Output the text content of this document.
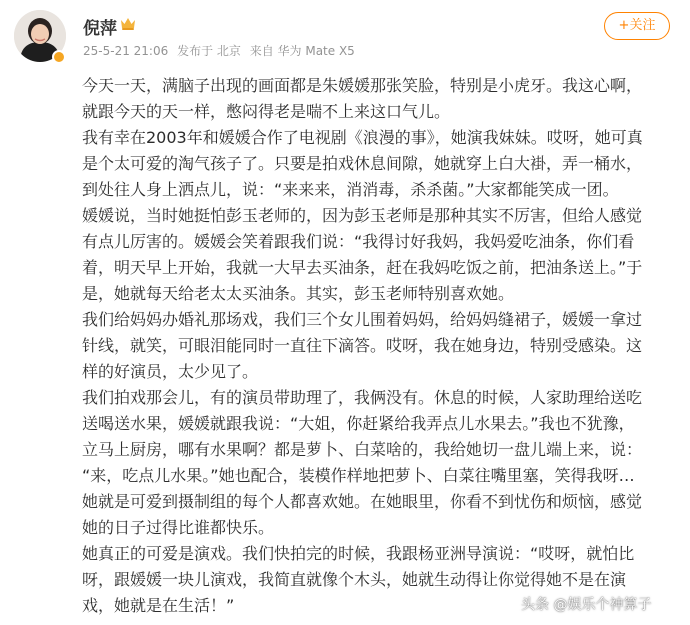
倪萍
25-5-21 21:06 发布于 北京 来自 华为 Mate X5
+关注
今天一天，满脑子出现的画面都是朱媛媛那张笑脸，特别是小虎牙。我这心啊，
就跟今天的天一样，憋闷得老是喘不上来这口气儿。
我有幸在2003年和媛媛合作了电视剧《浪漫的事》，她演我妹妹。哎呀，她可真
是个太可爱的淘气孩子了。只要是拍戏休息间隙，她就穿上白大褂，弄一桶水，
到处往人身上洒点儿，说：“来来来，消消毒，杀杀菌。”大家都能笑成一团。
媛媛说，当时她挺怕彭玉老师的，因为彭玉老师是那种其实不厉害，但给人感觉
有点儿厉害的。媛媛会笑着跟我们说：“我得讨好我妈，我妈爱吃油条，你们看
着，明天早上开始，我就一大早去买油条，赶在我妈吃饭之前，把油条送上。”于
是，她就每天给老太太买油条。其实，彭玉老师特别喜欢她。
我们给妈妈办婚礼那场戏，我们三个女儿围着妈妈，给妈妈缝裙子，媛媛一拿过
针线，就笑，可眼泪能同时一直往下滴答。哎呀，我在她身边，特别受感染。这
样的好演员，太少见了。
我们拍戏那会儿，有的演员带助理了，我俩没有。休息的时候，人家助理给送吃
送喝送水果，媛媛就跟我说：“大姐，你赶紧给我弄点儿水果去。”我也不犹豫，
立马上厨房，哪有水果啊？都是萝卜、白菜啥的，我给她切一盘儿端上来，说：
“来，吃点儿水果。”她也配合，装模作样地把萝卜、白菜往嘴里塞，笑得我呀…
她就是可爱到摄制组的每个人都喜欢她。在她眼里，你看不到忧伤和烦恼，感觉
她的日子过得比谁都快乐。
她真正的可爱是演戏。我们快拍完的时候，我跟杨亚洲导演说：“哎呀，就怕比
呀，跟媛媛一块儿演戏，我简直就像个木头，她就生动得让你觉得她不是在演
戏，她就是在生活！”	头条 @娱乐个神算子
